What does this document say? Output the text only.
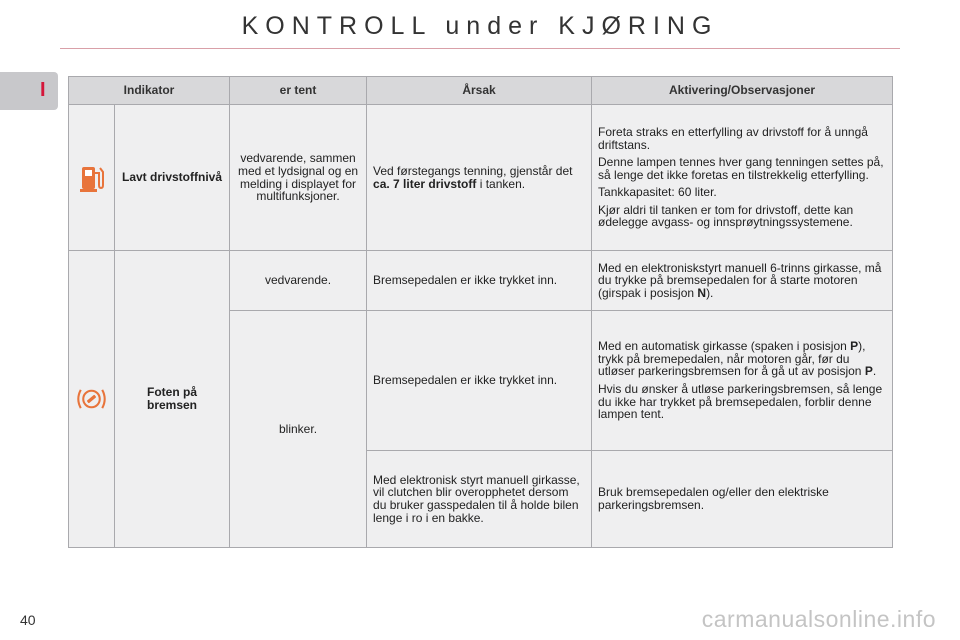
KONTROLL under KJØRING
I	Indikator		er tent	Årsak	Aktivering/Observasjoner

	Lavt drivstoffnivå	vedvarende, sammen med et lydsignal og en melding i displayet for multifunksjoner.	Ved førstegangs tenning, gjenstår det ca. 7 liter drivstoff i tanken.	Foreta straks en etterfylling av drivstoff for å unngå driftstans.

Denne lampen tennes hver gang tenningen settes på, så lenge det ikke foretas en tilstrekkelig etterfylling.

Tankkapasitet: 60 liter.

Kjør aldri til tanken er tom for drivstoff, dette kan ødelegge avgass- og innsprøytningssystemene.

	Foten på bremsen	vedvarende.	Bremsepedalen er ikke trykket inn.	Med en elektroniskstyrt manuell 6-trinns girkasse, må du trykke på bremsepedalen for å starte motoren (girspak i posisjon N).
		blinker.	Bremsepedalen er ikke trykket inn.	Med en automatisk girkasse (spaken i posisjon P), trykk på bremepedalen, når motoren går, før du utløser parkeringsbremsen for å gå ut av posisjon P.

Hvis du ønsker å utløse parkeringsbremsen, så lenge du ikke har trykket på bremsepedalen, forblir denne lampen tent.

			Med elektronisk styrt manuell girkasse, vil clutchen blir overopphetet dersom du bruker gasspedalen til å holde bilen lenge i ro i en bakke.	Bruk bremsepedalen og/eller den elektriske parkeringsbremsen.
40	carmanualsonline.info
